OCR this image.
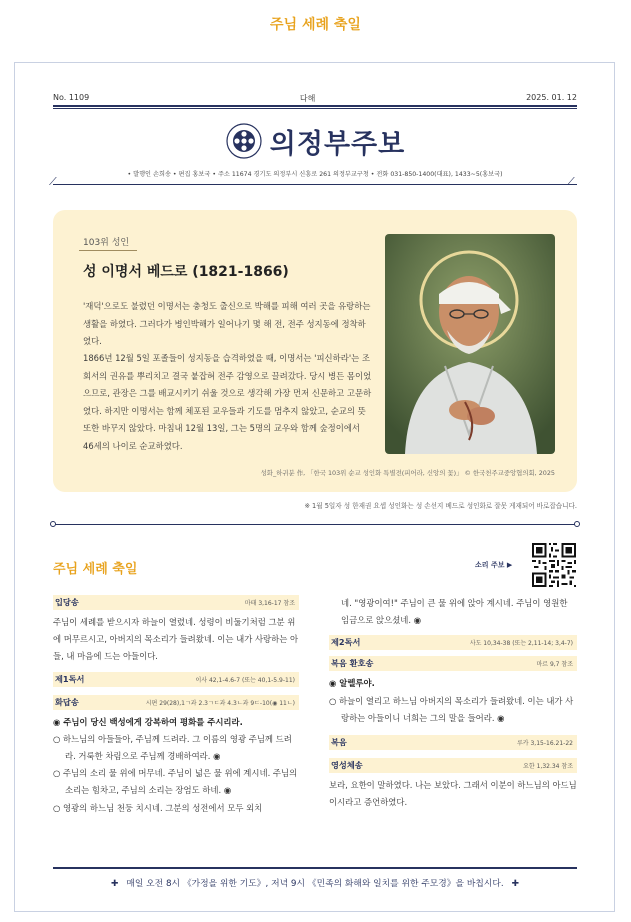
주님 세례 축일
No. 1109	다해	2025. 01. 12
의정부주보
⟋
• 발행인 손희송 • 편집 홍보국 • 주소 11674 경기도 의정부시 신흥로 261 의정부교구청 • 전화 031-850-1400(대표), 1433~5(홍보국)
⟋
103위 성인
성 이명서 베드로 (1821-1866)
'재덕'으로도 불렸던 이명서는 충청도 출신으로 박해를 피해 여러 곳을 유랑하는 생활을 하였다. 그러다가 병인박해가 일어나기 몇 해 전, 전주 성지동에 정착하였다.
1866년 12월 5일 포졸들이 성지동을 습격하였을 때, 이명서는 '피신하라'는 조회서의 권유를 뿌리치고 결국 붙잡혀 전주 감영으로 끌려갔다. 당시 병든 몸이었으므로, 관장은 그를 배교시키기 쉬울 것으로 생각해 가장 먼저 신문하고 고문하였다. 하지만 이명서는 함께 체포된 교우들과 기도를 멈추지 않았고, 순교의 뜻 또한 바꾸지 않았다. 마침내 12월 13일, 그는 5명의 교우와 함께 숲정이에서 46세의 나이로 순교하였다.
성화_하귀분 作, 「한국 103위 순교 성인화 특별전(피어라, 신앙의 꽃)」 © 한국천주교중앙협의회, 2025
※ 1월 5일자 성 한재권 요셉 성인화는 성 손선지 베드로 성인화로 잘못 게재되어 바로잡습니다.
주님 세례 축일	소리 주보 ▶
입당송	마태 3,16-17 참조
주님이 세례를 받으시자 하늘이 열렸네. 성령이 비둘기처럼 그분 위에 머무르시고, 아버지의 목소리가 들려왔네. 이는 내가 사랑하는 아들, 내 마음에 드는 아들이다.
제1독서	이사 42,1-4.6-7 (또는 40,1-5.9-11)
화답송	시편 29(28),1ㄱ과 2.3ㄱㄷ과 4.3ㄴ과 9ㄷ-10(◉ 11ㄴ)
◉ 주님이 당신 백성에게 강복하여 평화를 주시리라.
○ 하느님의 아들들아, 주님께 드려라. 그 이름의 영광 주님께 드려라. 거룩한 차림으로 주님께 경배하여라. ◉
○ 주님의 소리 물 위에 머무네. 주님이 넓은 물 위에 계시네. 주님의 소리는 힘차고, 주님의 소리는 장엄도 하네. ◉
○ 영광의 하느님 천둥 치시네. 그분의 성전에서 모두 외치
네. "영광이여!" 주님이 큰 물 위에 앉아 계시네. 주님이 영원한 임금으로 앉으셨네. ◉
제2독서	사도 10,34-38 (또는 2,11-14; 3,4-7)
복음 환호송	마르 9,7 참조
◉ 알렐루야.
○ 하늘이 열리고 하느님 아버지의 목소리가 들려왔네. 이는 내가 사랑하는 아들이니 너희는 그의 말을 들어라. ◉
복음	루카 3,15-16.21-22
영성체송	요한 1,32.34 참조
보라, 요한이 말하였다. 나는 보았다. 그래서 이분이 하느님의 아드님이시라고 증언하였다.
✚ 매일 오전 8시 《가정을 위한 기도》, 저녁 9시 《민족의 화해와 일치를 위한 주모경》을 바칩시다. ✚
